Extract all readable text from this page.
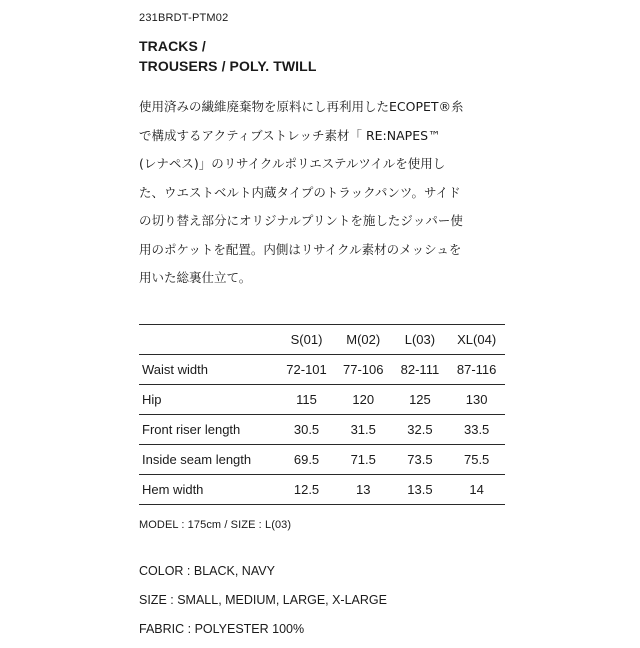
231BRDT-PTM02
TRACKS /
TROUSERS / POLY. TWILL
使用済みの繊維廃棄物を原料にし再利用したECOPET®糸
で構成するアクティブストレッチ素材「 RE:NAPES™
(レナペス)」のリサイクルポリエステルツイルを使用し
た、ウエストベルト内蔵タイプのトラックパンツ。サイド
の切り替え部分にオリジナルプリントを施したジッパー使
用のポケットを配置。内側はリサイクル素材のメッシュを
用いた総裏仕立て。
	S(01)	M(02)	L(03)	XL(04)
Waist width	72-101	77-106	82-111	87-116
Hip	115	120	125	130
Front riser length	30.5	31.5	32.5	33.5
Inside seam length	69.5	71.5	73.5	75.5
Hem width	12.5	13	13.5	14
MODEL : 175cm / SIZE : L(03)
COLOR : BLACK, NAVY
SIZE : SMALL, MEDIUM, LARGE, X-LARGE
FABRIC : POLYESTER 100%
